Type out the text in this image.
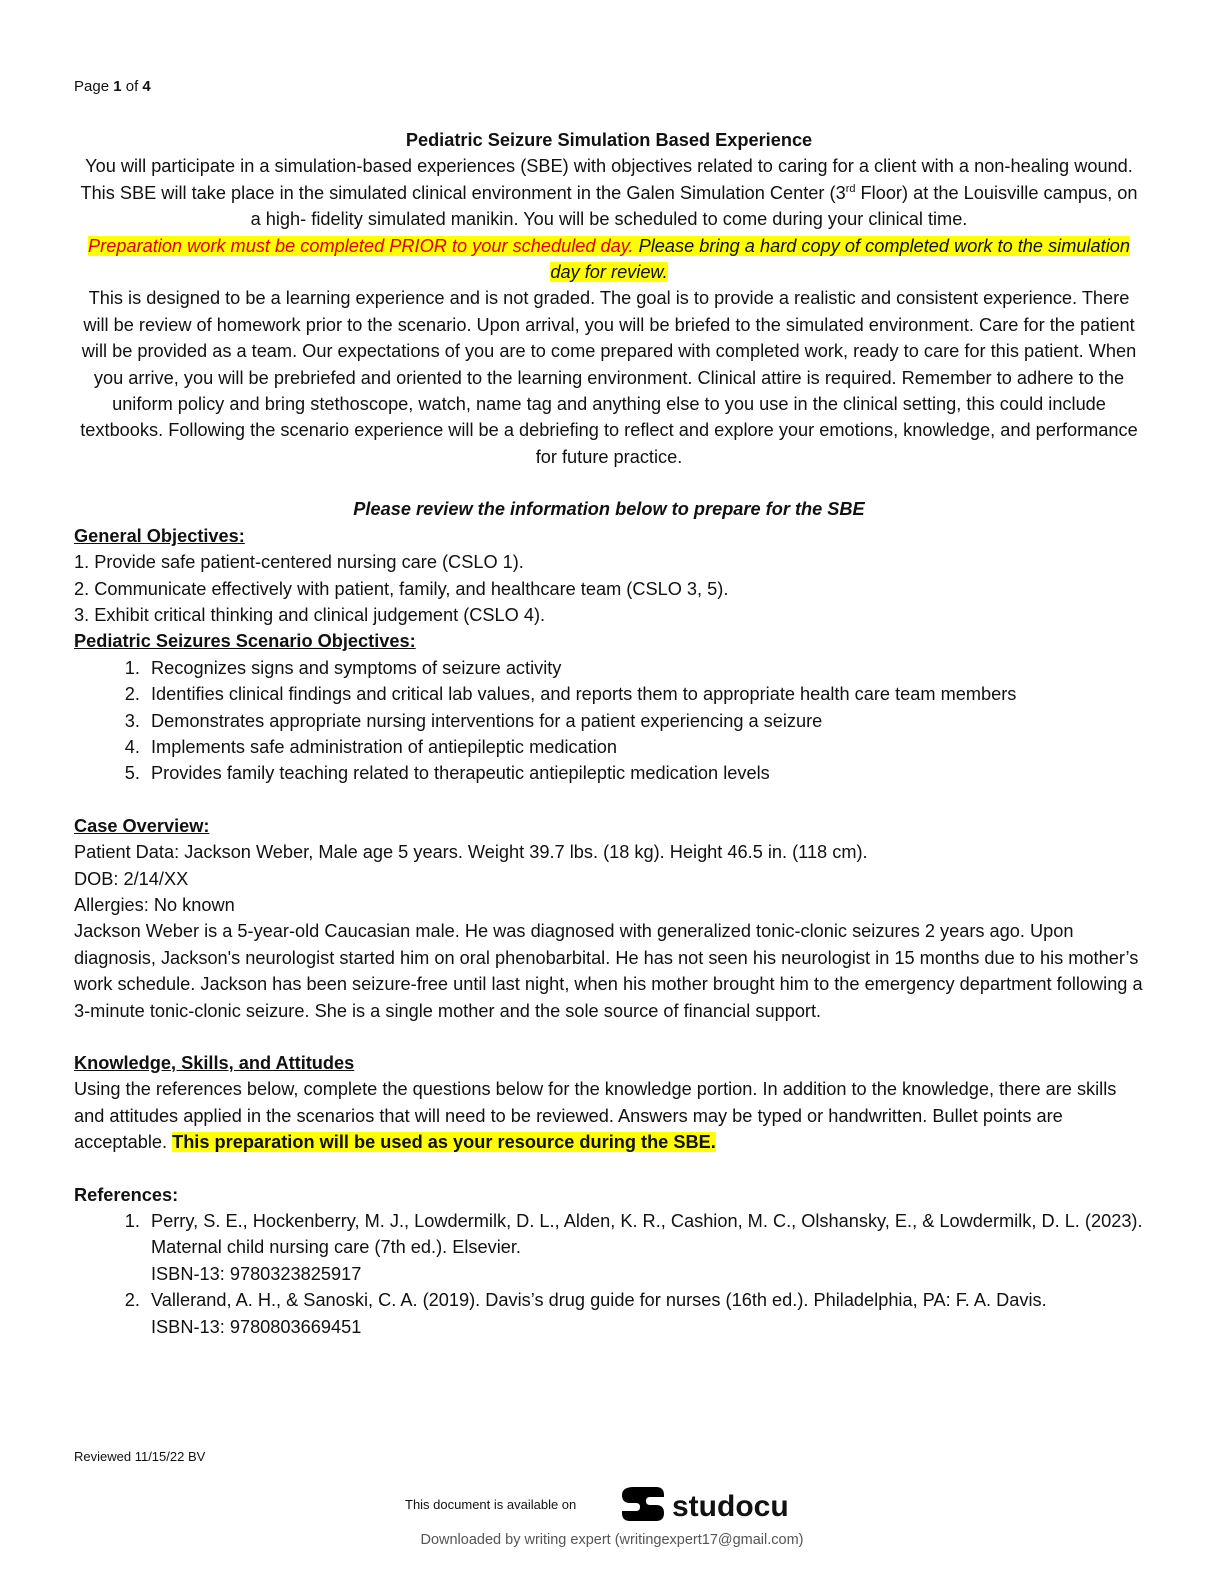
Page 1 of 4
Pediatric Seizure Simulation Based Experience
You will participate in a simulation-based experiences (SBE) with objectives related to caring for a client with a non-healing wound. This SBE will take place in the simulated clinical environment in the Galen Simulation Center (3rd Floor) at the Louisville campus, on a high- fidelity simulated manikin. You will be scheduled to come during your clinical time.
Preparation work must be completed PRIOR to your scheduled day. Please bring a hard copy of completed work to the simulation day for review.
This is designed to be a learning experience and is not graded. The goal is to provide a realistic and consistent experience. There will be review of homework prior to the scenario. Upon arrival, you will be briefed to the simulated environment. Care for the patient will be provided as a team. Our expectations of you are to come prepared with completed work, ready to care for this patient. When you arrive, you will be prebriefed and oriented to the learning environment. Clinical attire is required. Remember to adhere to the uniform policy and bring stethoscope, watch, name tag and anything else to you use in the clinical setting, this could include textbooks. Following the scenario experience will be a debriefing to reflect and explore your emotions, knowledge, and performance for future practice.
Please review the information below to prepare for the SBE
General Objectives:
1. Provide safe patient-centered nursing care (CSLO 1).
2. Communicate effectively with patient, family, and healthcare team (CSLO 3, 5).
3. Exhibit critical thinking and clinical judgement (CSLO 4).
Pediatric Seizures Scenario Objectives:
1. Recognizes signs and symptoms of seizure activity
2. Identifies clinical findings and critical lab values, and reports them to appropriate health care team members
3. Demonstrates appropriate nursing interventions for a patient experiencing a seizure
4. Implements safe administration of antiepileptic medication
5. Provides family teaching related to therapeutic antiepileptic medication levels
Case Overview:
Patient Data: Jackson Weber, Male age 5 years. Weight 39.7 lbs. (18 kg). Height 46.5 in. (118 cm).
DOB: 2/14/XX
Allergies: No known
Jackson Weber is a 5-year-old Caucasian male. He was diagnosed with generalized tonic-clonic seizures 2 years ago. Upon diagnosis, Jackson's neurologist started him on oral phenobarbital. He has not seen his neurologist in 15 months due to his mother’s work schedule. Jackson has been seizure-free until last night, when his mother brought him to the emergency department following a 3-minute tonic-clonic seizure. She is a single mother and the sole source of financial support.
Knowledge, Skills, and Attitudes
Using the references below, complete the questions below for the knowledge portion. In addition to the knowledge, there are skills and attitudes applied in the scenarios that will need to be reviewed. Answers may be typed or handwritten. Bullet points are acceptable. This preparation will be used as your resource during the SBE.
References:
1. Perry, S. E., Hockenberry, M. J., Lowdermilk, D. L., Alden, K. R., Cashion, M. C., Olshansky, E., & Lowdermilk, D. L. (2023). Maternal child nursing care (7th ed.). Elsevier.
ISBN-13: 9780323825917
2. Vallerand, A. H., & Sanoski, C. A. (2019). Davis’s drug guide for nurses (16th ed.). Philadelphia, PA: F. A. Davis.
ISBN-13: 9780803669451
Reviewed 11/15/22 BV
This document is available on	studocu
Downloaded by writing expert (writingexpert17@gmail.com)
